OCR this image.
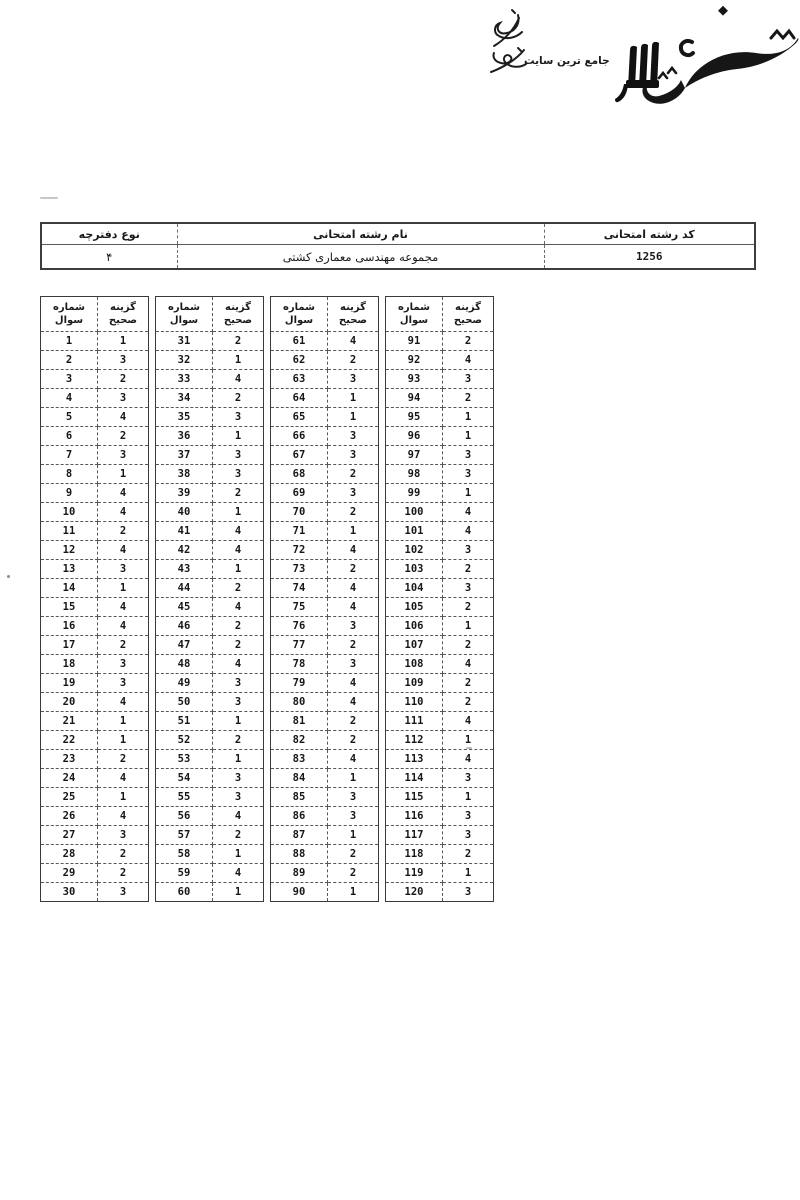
جامع ترین سایت
کد رشته امتحانی	نام رشته امتحانی	نوع دفترچه
1256	مجموعه مهندسی معماری کشتی	۴
شماره سوال	گزینه صحیح
1	1
2	3
3	2
4	3
5	4
6	2
7	3
8	1
9	4
10	4
11	2
12	4
13	3
14	1
15	4
16	4
17	2
18	3
19	3
20	4
21	1
22	1
23	2
24	4
25	1
26	4
27	3
28	2
29	2
30	3
شماره سوال	گزینه صحیح
31	2
32	1
33	4
34	2
35	3
36	1
37	3
38	3
39	2
40	1
41	4
42	4
43	1
44	2
45	4
46	2
47	2
48	4
49	3
50	3
51	1
52	2
53	1
54	3
55	3
56	4
57	2
58	1
59	4
60	1
شماره سوال	گزینه صحیح
61	4
62	2
63	3
64	1
65	1
66	3
67	3
68	2
69	3
70	2
71	1
72	4
73	2
74	4
75	4
76	3
77	2
78	3
79	4
80	4
81	2
82	2
83	4
84	1
85	3
86	3
87	1
88	2
89	2
90	1
شماره سوال	گزینه صحیح
91	2
92	4
93	3
94	2
95	1
96	1
97	3
98	3
99	1
100	4
101	4
102	3
103	2
104	3
105	2
106	1
107	2
108	4
109	2
110	2
111	4
112	1
113	4
114	3
115	1
116	3
117	3
118	2
119	1
120	3
